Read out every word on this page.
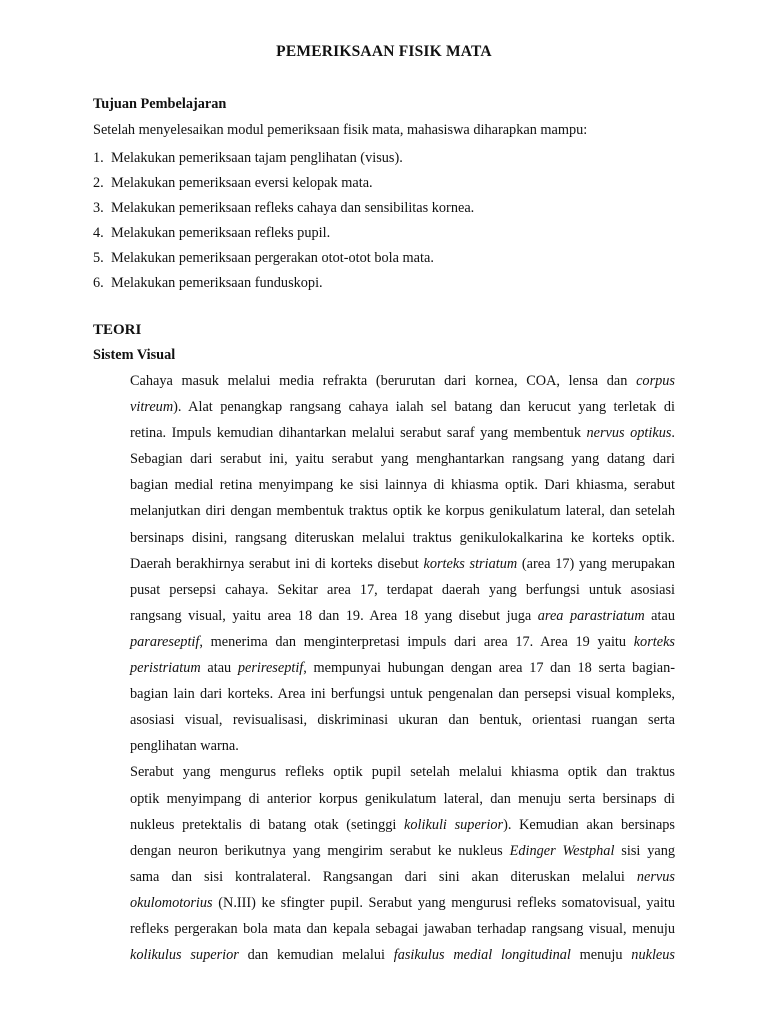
PEMERIKSAAN FISIK MATA
Tujuan Pembelajaran
Setelah menyelesaikan modul pemeriksaan fisik mata, mahasiswa diharapkan mampu:
1. Melakukan pemeriksaan tajam penglihatan (visus).
2. Melakukan pemeriksaan eversi kelopak mata.
3. Melakukan pemeriksaan refleks cahaya dan sensibilitas kornea.
4. Melakukan pemeriksaan refleks pupil.
5. Melakukan pemeriksaan pergerakan otot-otot bola mata.
6. Melakukan pemeriksaan funduskopi.
TEORI
Sistem Visual

Cahaya masuk melalui media refrakta (berurutan dari kornea, COA, lensa dan corpus
vitreum). Alat penangkap rangsang cahaya ialah sel batang dan kerucut yang terletak di
retina. Impuls kemudian dihantarkan melalui serabut saraf yang membentuk nervus optikus.
Sebagian dari serabut ini, yaitu serabut yang menghantarkan rangsang yang datang dari
bagian medial retina menyimpang ke sisi lainnya di khiasma optik. Dari khiasma, serabut
melanjutkan diri dengan membentuk traktus optik ke korpus genikulatum lateral, dan setelah
bersinaps disini, rangsang diteruskan melalui traktus genikulokalkarina ke korteks optik.
Daerah berakhirnya serabut ini di korteks disebut korteks striatum (area 17) yang merupakan
pusat persepsi cahaya. Sekitar area 17, terdapat daerah yang berfungsi untuk asosiasi
rangsang visual, yaitu area 18 dan 19. Area 18 yang disebut juga area parastriatum atau
parareseptif, menerima dan menginterpretasi impuls dari area 17. Area 19 yaitu korteks
peristriatum atau perireseptif, mempunyai hubungan dengan area 17 dan 18 serta bagian-
bagian lain dari korteks. Area ini berfungsi untuk pengenalan dan persepsi visual kompleks,
asosiasi visual, revisualisasi, diskriminasi ukuran dan bentuk, orientasi ruangan serta
penglihatan warna.

Serabut yang mengurus refleks optik pupil setelah melalui khiasma optik dan traktus
optik menyimpang di anterior korpus genikulatum lateral, dan menuju serta bersinaps di
nukleus pretektalis di batang otak (setinggi kolikuli superior). Kemudian akan bersinaps
dengan neuron berikutnya yang mengirim serabut ke nukleus Edinger Westphal sisi yang
sama dan sisi kontralateral. Rangsangan dari sini akan diteruskan melalui nervus
okulomotorius (N.III) ke sfingter pupil. Serabut yang mengurusi refleks somatovisual, yaitu
refleks pergerakan bola mata dan kepala sebagai jawaban terhadap rangsang visual, menuju
kolikulus superior dan kemudian melalui fasikulus medial longitudinal menuju nukleus
